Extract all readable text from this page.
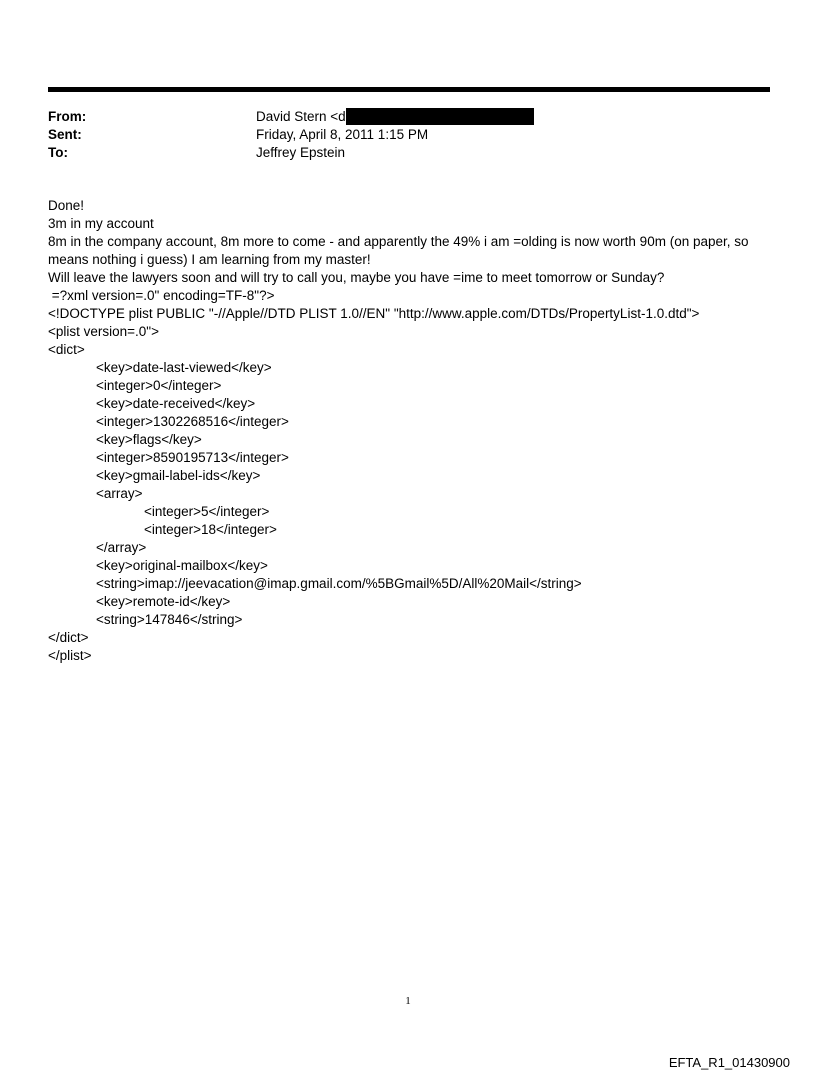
From:	David Stern <d
Sent:	Friday, April 8, 2011 1:15 PM
To:	Jeffrey Epstein
Done!
3m in my account
8m in the company account, 8m more to come - and apparently the 49% i am =olding is now worth 90m (on paper, so means nothing i guess) I am learning from my master!
Will leave the lawyers soon and will try to call you, maybe you have =ime to meet tomorrow or Sunday?
=?xml version=.0" encoding=TF-8"?>
<!DOCTYPE plist PUBLIC "-//Apple//DTD PLIST 1.0//EN" "http://www.apple.com/DTDs/PropertyList-1.0.dtd">
<plist version=.0">
<dict>
<key>date-last-viewed</key>
<integer>0</integer>
<key>date-received</key>
<integer>1302268516</integer>
<key>flags</key>
<integer>8590195713</integer>
<key>gmail-label-ids</key>
<array>
<integer>5</integer>
<integer>18</integer>
</array>
<key>original-mailbox</key>
<string>imap://jeevacation@imap.gmail.com/%5BGmail%5D/All%20Mail</string>
<key>remote-id</key>
<string>147846</string>
</dict>
</plist>
1
EFTA_R1_01430900
